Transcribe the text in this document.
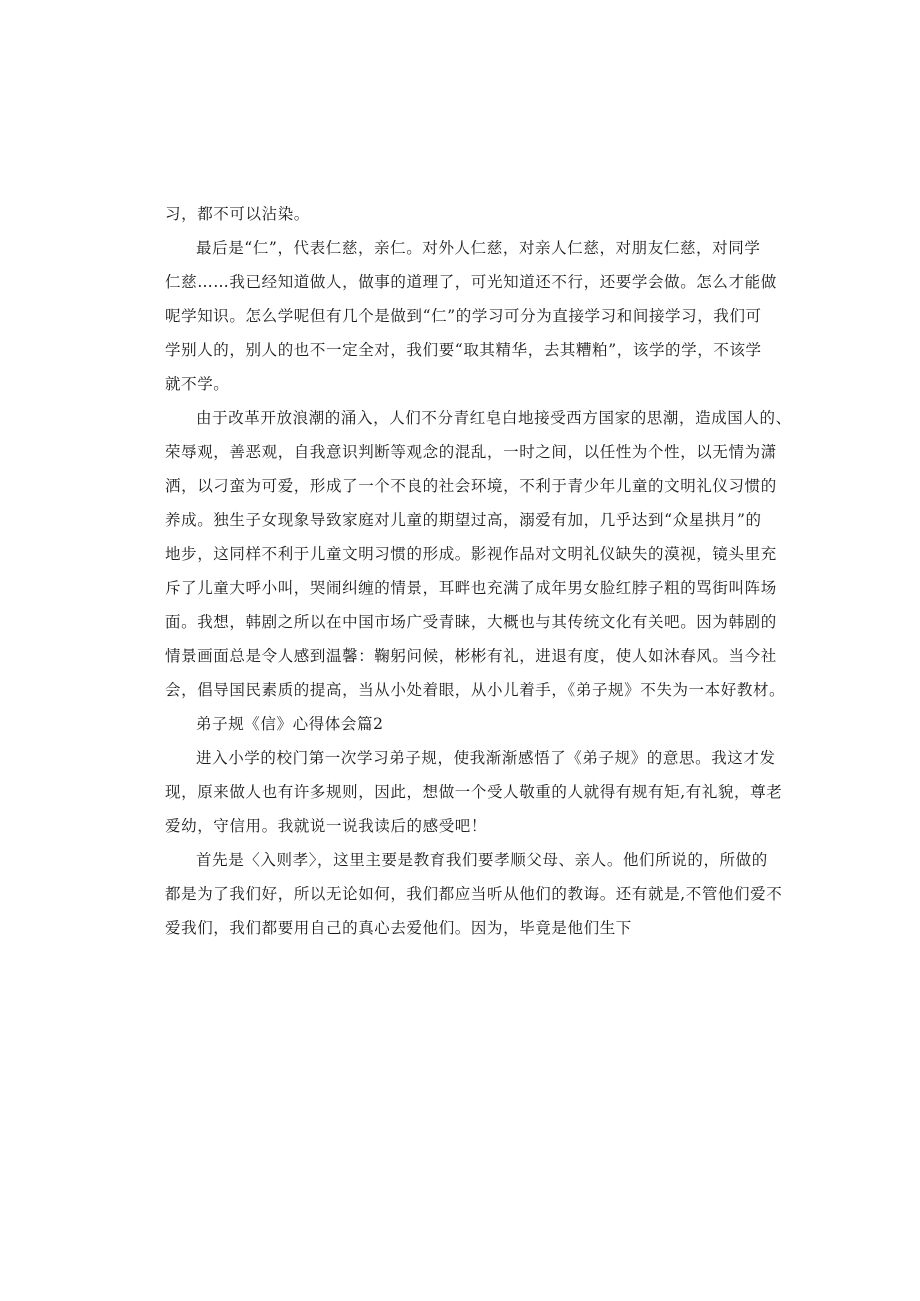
习，都不可以沾染。
最后是“仁”，代表仁慈，亲仁。对外人仁慈，对亲人仁慈，对朋友仁慈，对同学
仁慈……我已经知道做人，做事的道理了，可光知道还不行，还要学会做。怎么才能做
呢学知识。怎么学呢但有几个是做到“仁”的学习可分为直接学习和间接学习，我们可
学别人的，别人的也不一定全对，我们要“取其精华，去其糟粕”，该学的学，不该学
就不学。
由于改革开放浪潮的涌入，人们不分青红皂白地接受西方国家的思潮，造成国人的、
荣辱观，善恶观，自我意识判断等观念的混乱，一时之间，以任性为个性，以无情为潇
洒，以刁蛮为可爱，形成了一个不良的社会环境，不利于青少年儿童的文明礼仪习惯的
养成。独生子女现象导致家庭对儿童的期望过高，溺爱有加，几乎达到“众星拱月”的
地步，这同样不利于儿童文明习惯的形成。影视作品对文明礼仪缺失的漠视，镜头里充
斥了儿童大呼小叫，哭闹纠缠的情景，耳畔也充满了成年男女脸红脖子粗的骂街叫阵场
面。我想，韩剧之所以在中国市场广受青睐，大概也与其传统文化有关吧。因为韩剧的
情景画面总是令人感到温馨：鞠躬问候，彬彬有礼，进退有度，使人如沐春风。当今社
会，倡导国民素质的提高，当从小处着眼，从小儿着手，《弟子规》不失为一本好教材。
弟子规《信》心得体会篇2
进入小学的校门第一次学习弟子规，使我渐渐感悟了《弟子规》的意思。我这才发
现，原来做人也有许多规则，因此，想做一个受人敬重的人就得有规有矩,有礼貌，尊老
爱幼，守信用。我就说一说我读后的感受吧！
首先是〈入则孝〉，这里主要是教育我们要孝顺父母、亲人。他们所说的，所做的
都是为了我们好，所以无论如何，我们都应当听从他们的教诲。还有就是,不管他们爱不
爱我们，我们都要用自己的真心去爱他们。因为，毕竟是他们生下
